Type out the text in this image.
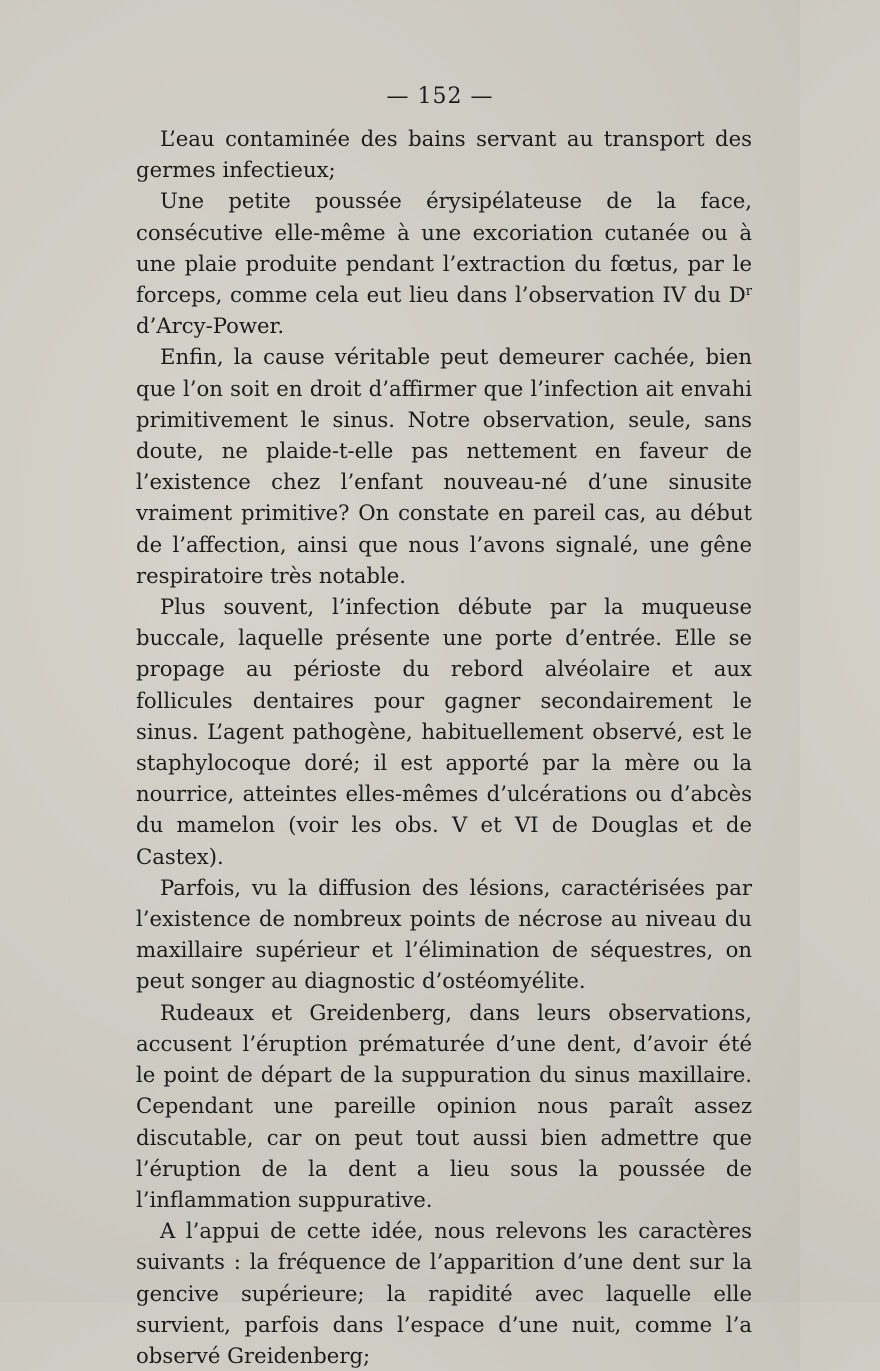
— 152 —

L’eau contaminée des bains servant au transport des germes infectieux;

Une petite poussée érysipélateuse de la face, consécutive elle-même à une excoriation cutanée ou à une plaie produite pendant l’extraction du fœtus, par le forceps, comme cela eut lieu dans l’observation IV du $D^r$ d’Arcy-Power.

Enfin, la cause véritable peut demeurer cachée, bien que l’on soit en droit d’affirmer que l’infection ait envahi primitivement le sinus. Notre observation, seule, sans doute, ne plaide-t-elle pas nettement en faveur de l’existence chez l’enfant nouveau-né d’une sinusite vraiment primitive? On constate en pareil cas, au début de l’affection, ainsi que nous l’avons signalé, une gêne respiratoire très notable.

Plus souvent, l’infection débute par la muqueuse buccale, laquelle présente une porte d’entrée. Elle se propage au périoste du rebord alvéolaire et aux follicules dentaires pour gagner secondairement le sinus. L’agent pathogène, habituellement observé, est le staphylocoque doré; il est apporté par la mère ou la nourrice, atteintes elles-mêmes d’ulcérations ou d’abcès du mamelon (voir les obs. V et VI de Douglas et de Castex).

Parfois, vu la diffusion des lésions, caractérisées par l’existence de nombreux points de nécrose au niveau du maxillaire supérieur et l’élimination de séquestres, on peut songer au diagnostic d’ostéomyélite.

Rudeaux et Greidenberg, dans leurs observations, accusent l’éruption prématurée d’une dent, d’avoir été le point de départ de la suppuration du sinus maxillaire. Cependant une pareille opinion nous paraît assez discutable, car on peut tout aussi bien admettre que l’éruption de la dent a lieu sous la poussée de l’inflammation suppurative.

A l’appui de cette idée, nous relevons les caractères suivants : la fréquence de l’apparition d’une dent sur la gencive supérieure; la rapidité avec laquelle elle survient, parfois dans l’espace d’une nuit, comme l’a observé Greidenberg;
